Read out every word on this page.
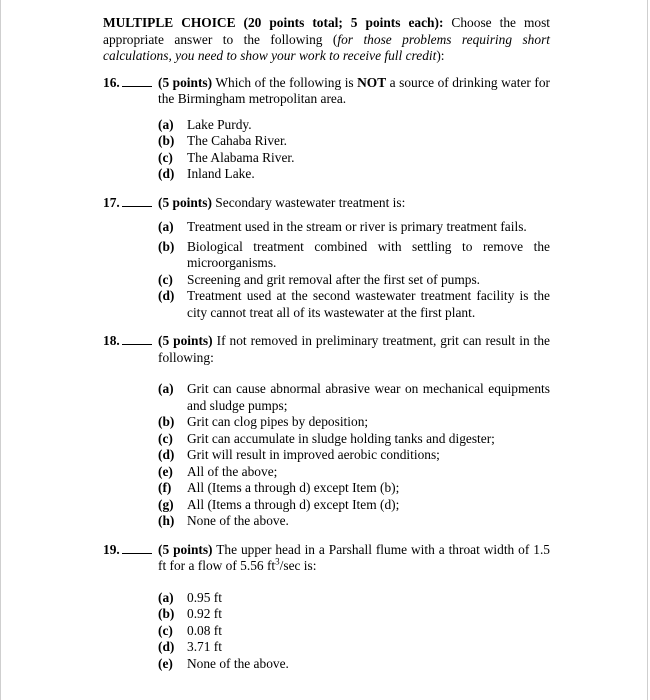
MULTIPLE CHOICE (20 points total; 5 points each): Choose the most appropriate answer to the following (for those problems requiring short calculations, you need to show your work to receive full credit):

16.	(5 points) Which of the following is NOT a source of drinking water for the Birmingham metropolitan area.
(a) Lake Purdy.
(b) The Cahaba River.
(c)	The Alabama River.
(d) Inland Lake.
17.	(5 points) Secondary wastewater treatment is:
(a) Treatment used in the stream or river is primary treatment fails.
(b) Biological treatment combined with settling to remove the microorganisms.
(c)	Screening and grit removal after the first set of pumps.
(d) Treatment used at the second wastewater treatment facility is the city cannot treat all of its wastewater at the first plant.
18.	(5 points) If not removed in preliminary treatment, grit can result in the following:
(a) Grit can cause abnormal abrasive wear on mechanical equipments and sludge pumps;
(b) Grit can clog pipes by deposition;
(c)	Grit can accumulate in sludge holding tanks and digester;
(d) Grit will result in improved aerobic conditions;
(e)	All of the above;
(f)	All (Items a through d) except Item (b);
(g) All (Items a through d) except Item (d);
(h) None of the above.
19.	(5 points) The upper head in a Parshall flume with a throat width of 1.5 ft for a flow of 5.56 $ft^3/\sec$ is:
(a) 0.95 ft
(b) 0.92 ft
(c)	0.08 ft
(d) 3.71 ft
(e)	None of the above.
